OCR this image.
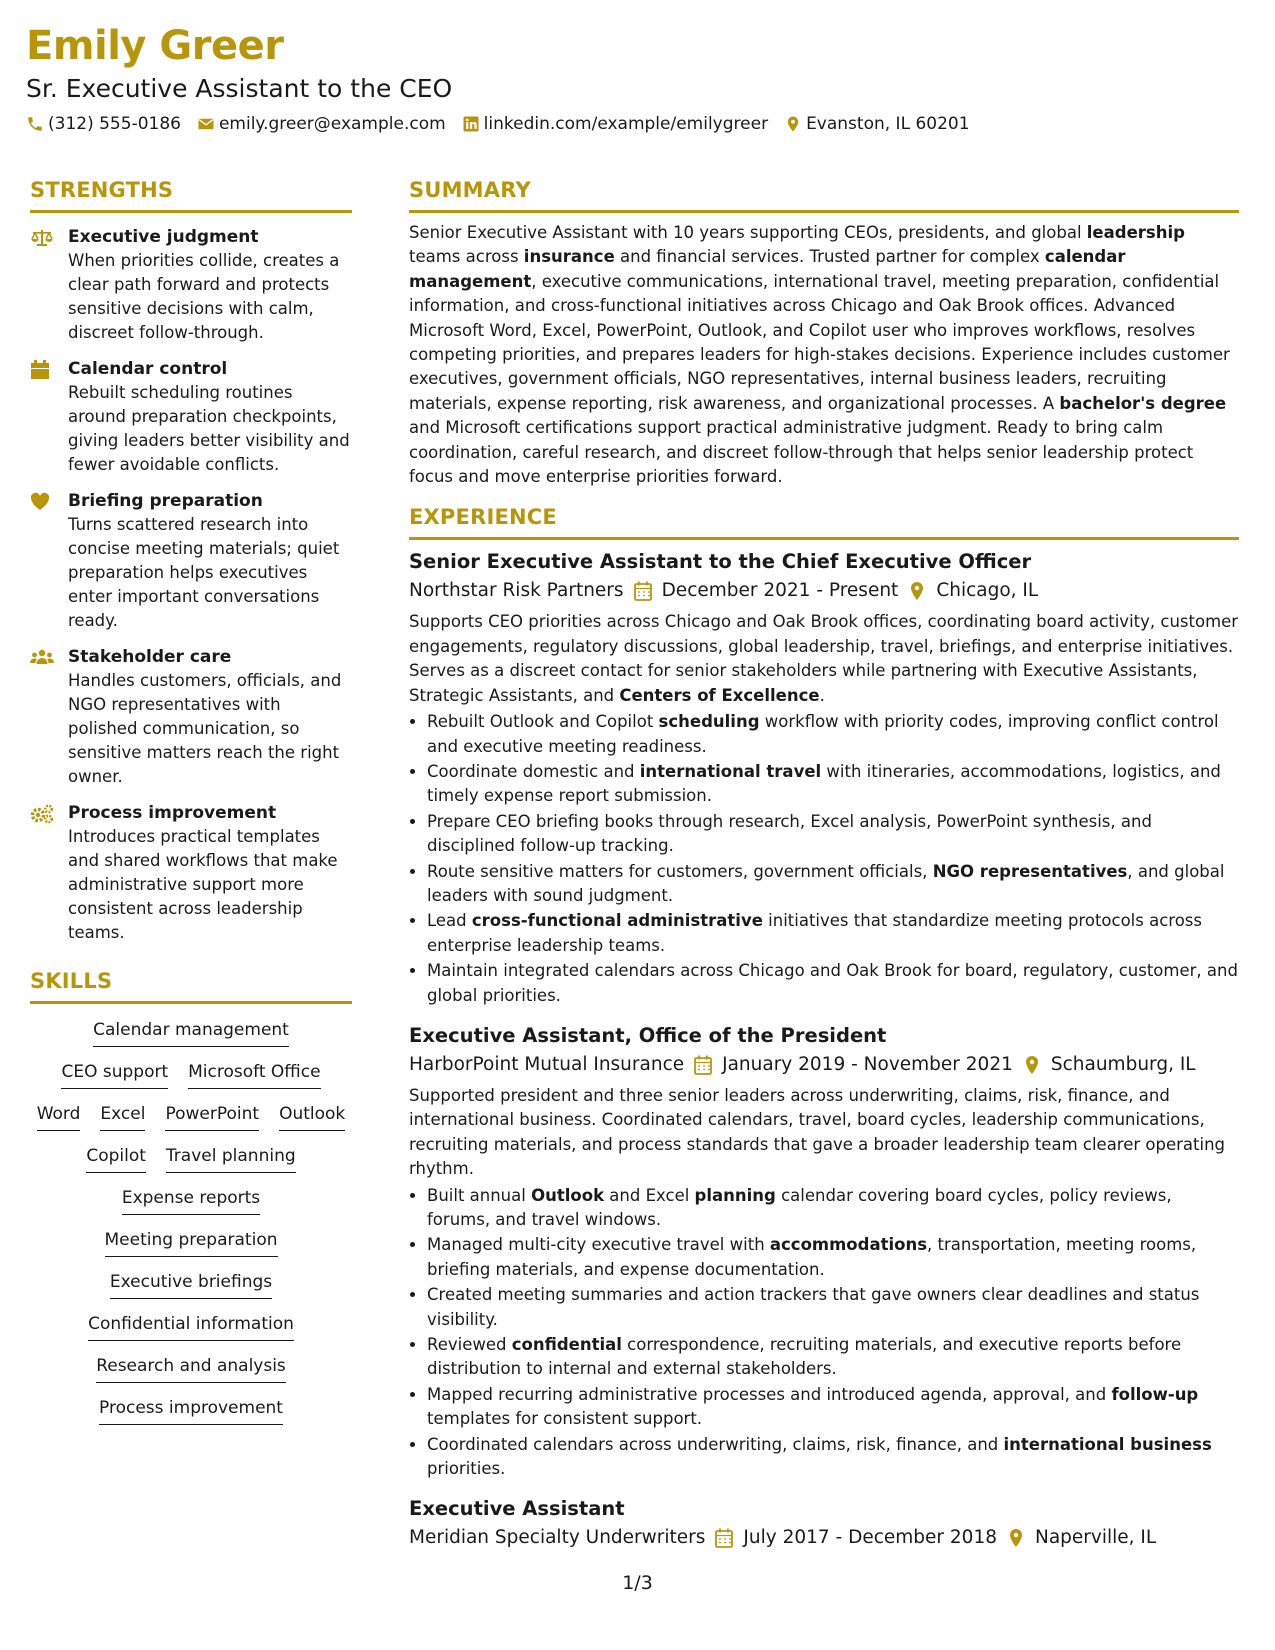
Emily Greer
Sr. Executive Assistant to the CEO
(312) 555-0186 emily.greer@example.com linkedin.com/example/emilygreer Evanston, IL 60201
STRENGTHS
Executive judgment
When priorities collide, creates a clear path forward and protects sensitive decisions with calm, discreet follow-through.
Calendar control
Rebuilt scheduling routines around preparation checkpoints, giving leaders better visibility and fewer avoidable conflicts.
Briefing preparation
Turns scattered research into concise meeting materials; quiet preparation helps executives enter important conversations ready.
Stakeholder care
Handles customers, officials, and NGO representatives with polished communication, so sensitive matters reach the right owner.
Process improvement
Introduces practical templates and shared workflows that make administrative support more consistent across leadership teams.
SKILLS
Calendar management
CEO support Microsoft Office
Word Excel PowerPoint Outlook
Copilot Travel planning
Expense reports
Meeting preparation
Executive briefings
Confidential information
Research and analysis
Process improvement
SUMMARY
Senior Executive Assistant with 10 years supporting CEOs, presidents, and global leadership teams across insurance and financial services. Trusted partner for complex calendar management, executive communications, international travel, meeting preparation, confidential information, and cross-functional initiatives across Chicago and Oak Brook offices. Advanced Microsoft Word, Excel, PowerPoint, Outlook, and Copilot user who improves workflows, resolves competing priorities, and prepares leaders for high-stakes decisions. Experience includes customer executives, government officials, NGO representatives, internal business leaders, recruiting materials, expense reporting, risk awareness, and organizational processes. A bachelor's degree and Microsoft certifications support practical administrative judgment. Ready to bring calm coordination, careful research, and discreet follow-through that helps senior leadership protect focus and move enterprise priorities forward.
EXPERIENCE
Senior Executive Assistant to the Chief Executive Officer
Northstar Risk Partners December 2021 - Present Chicago, IL
Supports CEO priorities across Chicago and Oak Brook offices, coordinating board activity, customer engagements, regulatory discussions, global leadership, travel, briefings, and enterprise initiatives. Serves as a discreet contact for senior stakeholders while partnering with Executive Assistants, Strategic Assistants, and Centers of Excellence.
• Rebuilt Outlook and Copilot scheduling workflow with priority codes, improving conflict control and executive meeting readiness.
• Coordinate domestic and international travel with itineraries, accommodations, logistics, and timely expense report submission.
• Prepare CEO briefing books through research, Excel analysis, PowerPoint synthesis, and disciplined follow-up tracking.
• Route sensitive matters for customers, government officials, NGO representatives, and global leaders with sound judgment.
• Lead cross-functional administrative initiatives that standardize meeting protocols across enterprise leadership teams.
• Maintain integrated calendars across Chicago and Oak Brook for board, regulatory, customer, and global priorities.
Executive Assistant, Office of the President
HarborPoint Mutual Insurance January 2019 - November 2021 Schaumburg, IL
Supported president and three senior leaders across underwriting, claims, risk, finance, and international business. Coordinated calendars, travel, board cycles, leadership communications, recruiting materials, and process standards that gave a broader leadership team clearer operating rhythm.
• Built annual Outlook and Excel planning calendar covering board cycles, policy reviews, forums, and travel windows.
• Managed multi-city executive travel with accommodations, transportation, meeting rooms, briefing materials, and expense documentation.
• Created meeting summaries and action trackers that gave owners clear deadlines and status visibility.
• Reviewed confidential correspondence, recruiting materials, and executive reports before distribution to internal and external stakeholders.
• Mapped recurring administrative processes and introduced agenda, approval, and follow-up templates for consistent support.
• Coordinated calendars across underwriting, claims, risk, finance, and international business priorities.
Executive Assistant
Meridian Specialty Underwriters July 2017 - December 2018 Naperville, IL
1/3
